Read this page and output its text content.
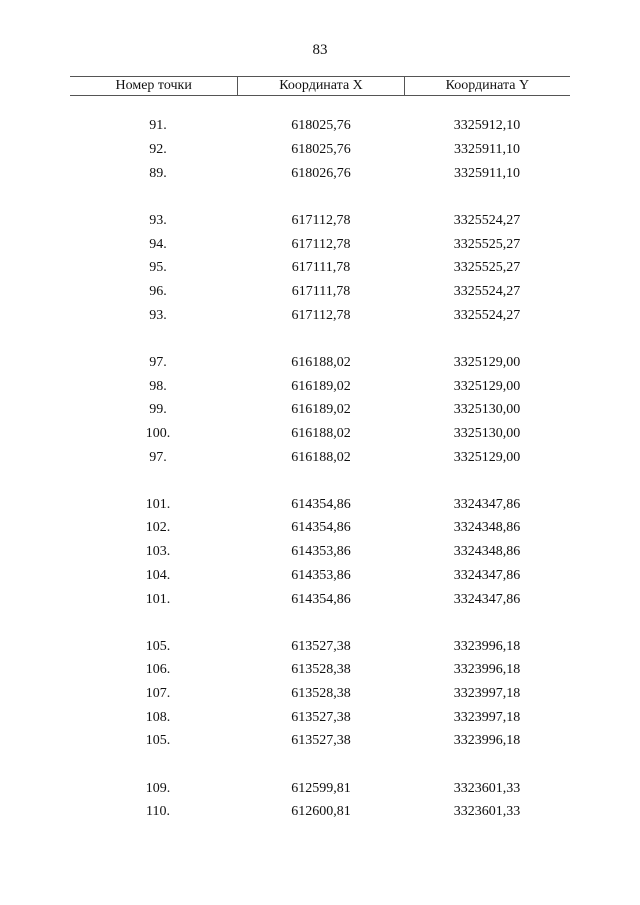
83
Номер точки	Координата X	Координата Y
91.	618025,76	3325912,10
92.	618025,76	3325911,10
89.	618026,76	3325911,10
93.	617112,78	3325524,27
94.	617112,78	3325525,27
95.	617111,78	3325525,27
96.	617111,78	3325524,27
93.	617112,78	3325524,27
97.	616188,02	3325129,00
98.	616189,02	3325129,00
99.	616189,02	3325130,00
100.	616188,02	3325130,00
97.	616188,02	3325129,00
101.	614354,86	3324347,86
102.	614354,86	3324348,86
103.	614353,86	3324348,86
104.	614353,86	3324347,86
101.	614354,86	3324347,86
105.	613527,38	3323996,18
106.	613528,38	3323996,18
107.	613528,38	3323997,18
108.	613527,38	3323997,18
105.	613527,38	3323996,18
109.	612599,81	3323601,33
110.	612600,81	3323601,33
